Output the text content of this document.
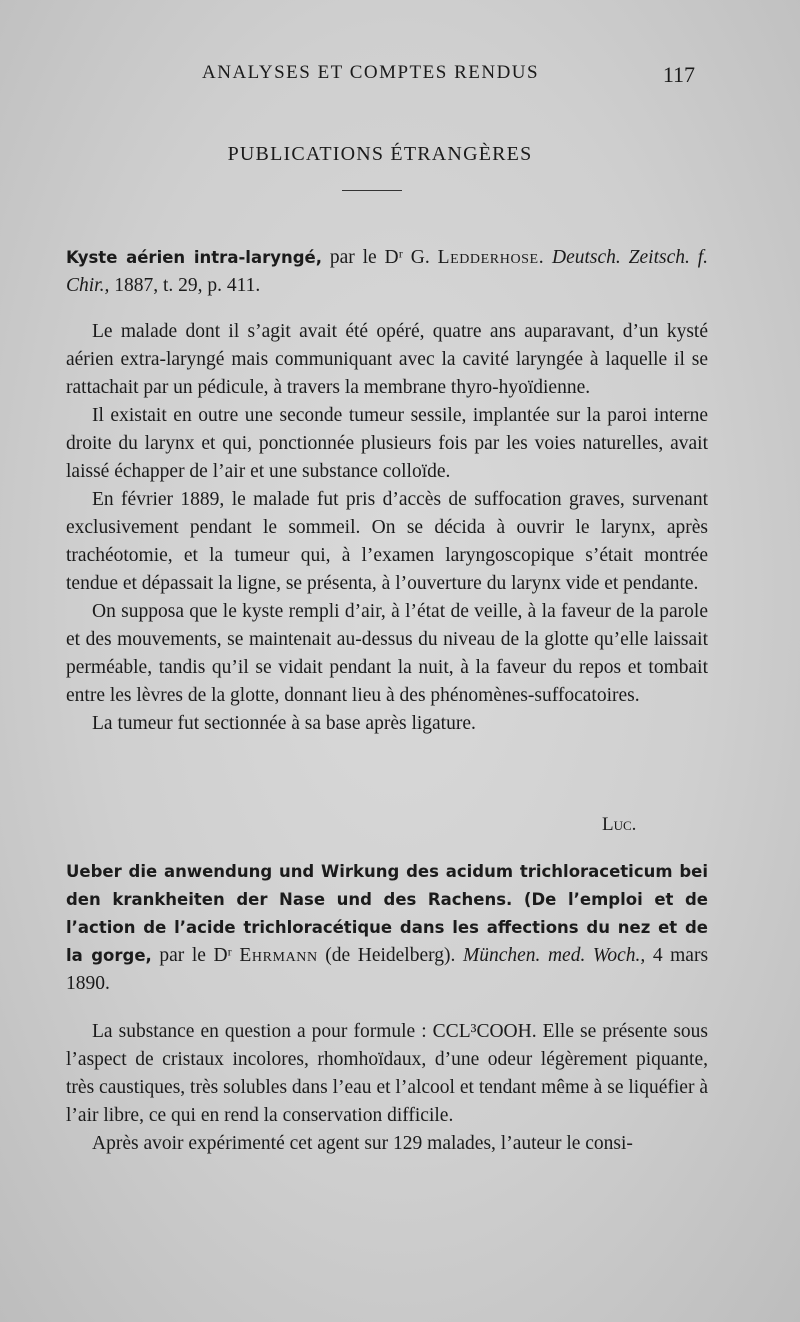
ANALYSES ET COMPTES RENDUS	117
PUBLICATIONS ÉTRANGÈRES

Kyste aérien intra-laryngé, par le Dʳ G. Ledderhose. Deutsch. Zeitsch. f. Chir., 1887, t. 29, p. 411.

Le malade dont il s’agit avait été opéré, quatre ans auparavant, d’un kysté aérien extra-laryngé mais communiquant avec la cavité laryngée à laquelle il se rattachait par un pédicule, à travers la membrane thyro-hyoïdienne.

Il existait en outre une seconde tumeur sessile, implantée sur la paroi interne droite du larynx et qui, ponctionnée plusieurs fois par les voies naturelles, avait laissé échapper de l’air et une substance colloïde.

En février 1889, le malade fut pris d’accès de suffocation graves, survenant exclusivement pendant le sommeil. On se décida à ouvrir le larynx, après trachéotomie, et la tumeur qui, à l’examen laryngoscopique s’était montrée tendue et dépassait la ligne, se présenta, à l’ouverture du larynx vide et pendante.

On supposa que le kyste rempli d’air, à l’état de veille, à la faveur de la parole et des mouvements, se maintenait au-dessus du niveau de la glotte qu’elle laissait perméable, tandis qu’il se vidait pendant la nuit, à la faveur du repos et tombait entre les lèvres de la glotte, donnant lieu à des phénomènes-suffocatoires.

La tumeur fut sectionnée à sa base après ligature.

Luc.

Ueber die anwendung und Wirkung des acidum trichloraceticum bei den krankheiten der Nase und des Rachens. (De l’emploi et de l’action de l’acide trichloracétique dans les affections du nez et de la gorge, par le Dʳ Ehrmann (de Heidelberg). München. med. Woch., 4 mars 1890.

La substance en question a pour formule : CCL³COOH. Elle se présente sous l’aspect de cristaux incolores, rhomhoïdaux, d’une odeur légèrement piquante, très caustiques, très solubles dans l’eau et l’alcool et tendant même à se liquéfier à l’air libre, ce qui en rend la conservation difficile.

Après avoir expérimenté cet agent sur 129 malades, l’auteur le consi-
